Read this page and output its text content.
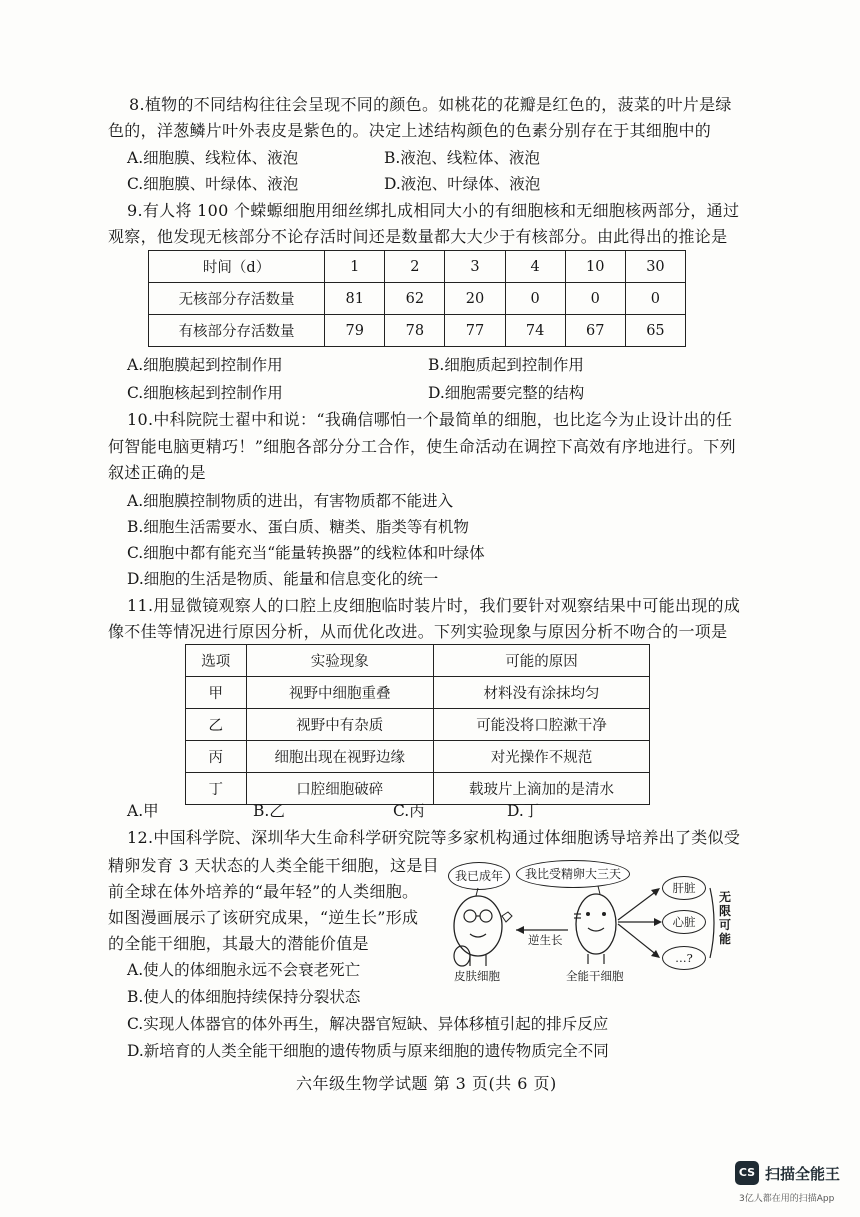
8.植物的不同结构往往会呈现不同的颜色。如桃花的花瓣是红色的，菠菜的叶片是绿
色的，洋葱鳞片叶外表皮是紫色的。决定上述结构颜色的色素分别存在于其细胞中的
A.细胞膜、线粒体、液泡	B.液泡、线粒体、液泡
C.细胞膜、叶绿体、液泡	D.液泡、叶绿体、液泡
9.有人将 100 个蝾螈细胞用细丝绑扎成相同大小的有细胞核和无细胞核两部分，通过
观察，他发现无核部分不论存活时间还是数量都大大少于有核部分。由此得出的推论是
时间（d）	1	2	3	4	10	30
无核部分存活数量	81	62	20	0	0	0
有核部分存活数量	79	78	77	74	67	65
A.细胞膜起到控制作用	B.细胞质起到控制作用
C.细胞核起到控制作用	D.细胞需要完整的结构
10.中科院院士翟中和说：“我确信哪怕一个最简单的细胞，也比迄今为止设计出的任
何智能电脑更精巧！”细胞各部分分工合作，使生命活动在调控下高效有序地进行。下列
叙述正确的是
A.细胞膜控制物质的进出，有害物质都不能进入
B.细胞生活需要水、蛋白质、糖类、脂类等有机物
C.细胞中都有能充当“能量转换器”的线粒体和叶绿体
D.细胞的生活是物质、能量和信息变化的统一
11.用显微镜观察人的口腔上皮细胞临时装片时，我们要针对观察结果中可能出现的成
像不佳等情况进行原因分析，从而优化改进。下列实验现象与原因分析不吻合的一项是
选项	实验现象	可能的原因
甲	视野中细胞重叠	材料没有涂抹均匀
乙	视野中有杂质	可能没将口腔漱干净
丙	细胞出现在视野边缘	对光操作不规范
丁	口腔细胞破碎	载玻片上滴加的是清水
A.甲	B.乙	C.丙	D.丁
12.中国科学院、深圳华大生命科学研究院等多家机构通过体细胞诱导培养出了类似受
精卵发育 3 天状态的人类全能干细胞，这是目
前全球在体外培养的“最年轻”的人类细胞。
如图漫画展示了该研究成果，“逆生长”形成
的全能干细胞，其最大的潜能价值是
A.使人的体细胞永远不会衰老死亡
B.使人的体细胞持续保持分裂状态
C.实现人体器官的体外再生，解决器官短缺、异体移植引起的排斥反应
D.新培育的人类全能干细胞的遗传物质与原来细胞的遗传物质完全不同
我已成年	我比受精卵大三天
逆生长
皮肤细胞	全能干细胞
肝脏
心脏
…?
无
限
可
能
六年级生物学试题 第 3 页(共 6 页)
CS 扫描全能王
3亿人都在用的扫描App
